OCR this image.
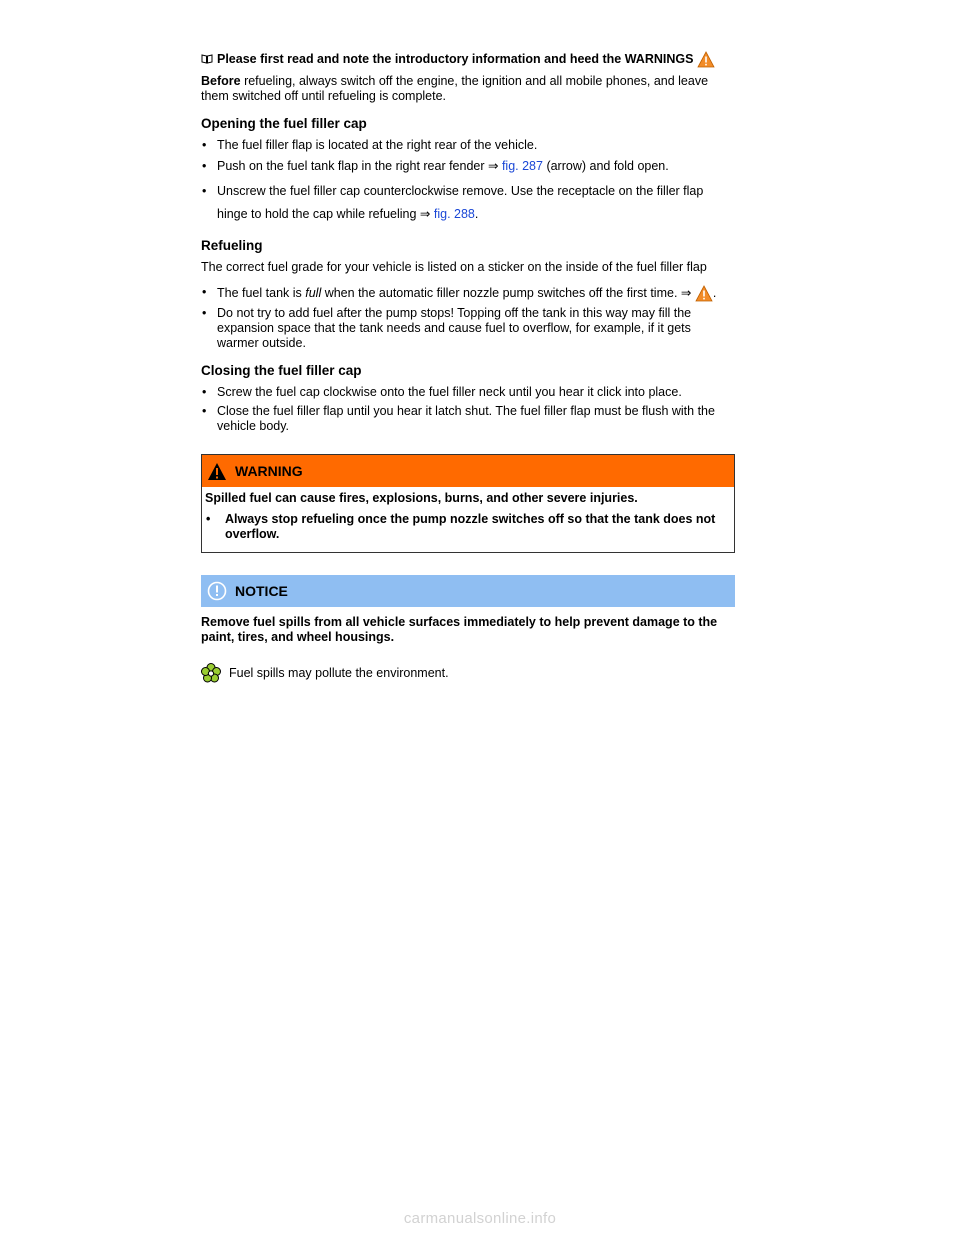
Please first read and note the introductory information and heed the WARNINGS

Before refueling, always switch off the engine, the ignition and all mobile phones, and leave them switched off until refueling is complete.

Opening the fuel filler cap
• The fuel filler flap is located at the right rear of the vehicle.
• Push on the fuel tank flap in the right rear fender ⇒ fig. 287 (arrow) and fold open.
• Unscrew the fuel filler cap counterclockwise remove. Use the receptacle on the filler flap hinge to hold the cap while refueling ⇒ fig. 288.
Refueling

The correct fuel grade for your vehicle is listed on a sticker on the inside of the fuel filler flap

• The fuel tank is full when the automatic filler nozzle pump switches off the first time. ⇒ .
• Do not try to add fuel after the pump stops! Topping off the tank in this way may fill the expansion space that the tank needs and cause fuel to overflow, for example, if it gets warmer outside.
Closing the fuel filler cap
• Screw the fuel cap clockwise onto the fuel filler neck until you hear it click into place.
• Close the fuel filler flap until you hear it latch shut. The fuel filler flap must be flush with the vehicle body.
WARNING

Spilled fuel can cause fires, explosions, burns, and other severe injuries.

• Always stop refueling once the pump nozzle switches off so that the tank does not overflow.

NOTICE
Remove fuel spills from all vehicle surfaces immediately to help prevent damage to the paint, tires, and wheel housings.
Fuel spills may pollute the environment.
carmanualsonline.info
